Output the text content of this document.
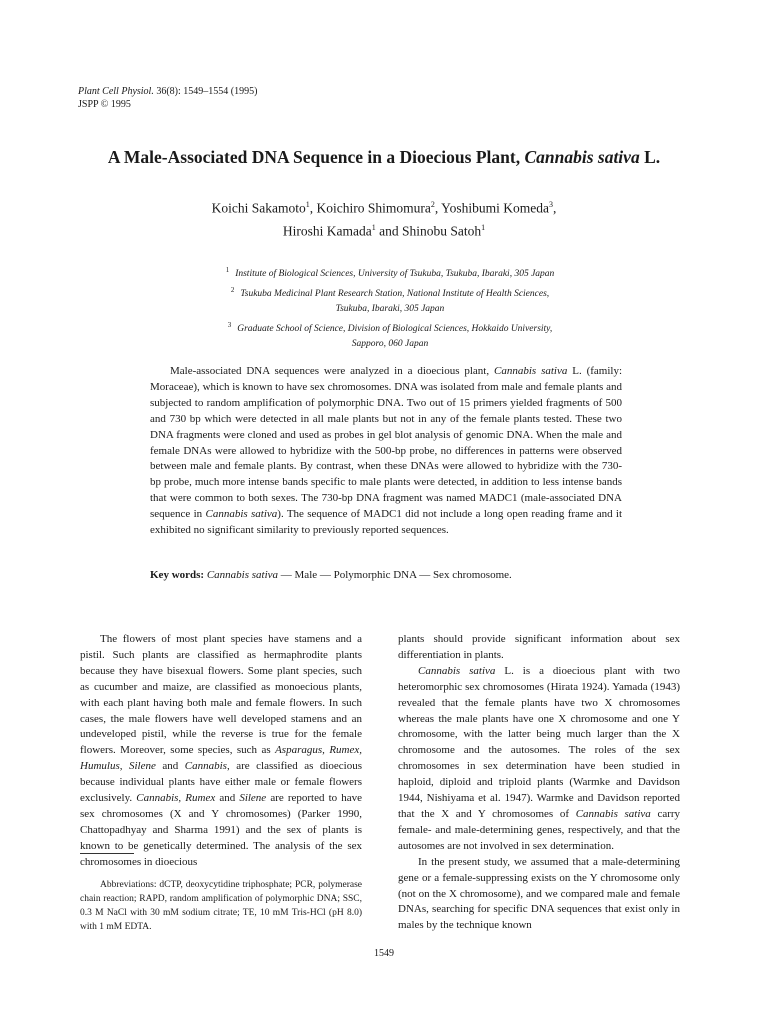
Plant Cell Physiol. 36(8): 1549–1554 (1995)
JSPP © 1995
A Male-Associated DNA Sequence in a Dioecious Plant, Cannabis sativa L.
Koichi Sakamoto$^1$, Koichiro Shimomura$^2$, Yoshibumi Komeda$^3$,
Hiroshi Kamada$^1$ and Shinobu Satoh$^1$
$^1$ Institute of Biological Sciences, University of Tsukuba, Tsukuba, Ibaraki, 305 Japan
$^2$ Tsukuba Medicinal Plant Research Station, National Institute of Health Sciences,
Tsukuba, Ibaraki, 305 Japan
$^3$ Graduate School of Science, Division of Biological Sciences, Hokkaido University,
Sapporo, 060 Japan
Male-associated DNA sequences were analyzed in a dioecious plant, Cannabis sativa L. (family: Moraceae), which is known to have sex chromosomes. DNA was isolated from male and female plants and subjected to random amplification of polymorphic DNA. Two out of 15 primers yielded fragments of 500 and 730 bp which were detected in all male plants but not in any of the female plants tested. These two DNA fragments were cloned and used as probes in gel blot analysis of genomic DNA. When the male and female DNAs were allowed to hybridize with the 500-bp probe, no differences in patterns were observed between male and female plants. By contrast, when these DNAs were allowed to hybridize with the 730-bp probe, much more intense bands specific to male plants were detected, in addition to less intense bands that were common to both sexes. The 730-bp DNA fragment was named MADC1 (male-associated DNA sequence in Cannabis sativa). The sequence of MADC1 did not include a long open reading frame and it exhibited no significant similarity to previously reported sequences.
Key words: Cannabis sativa — Male — Polymorphic DNA — Sex chromosome.

The flowers of most plant species have stamens and a pistil. Such plants are classified as hermaphrodite plants because they have bisexual flowers. Some plant species, such as cucumber and maize, are classified as monoecious plants, with each plant having both male and female flowers. In such cases, the male flowers have well developed stamens and an undeveloped pistil, while the reverse is true for the female flowers. Moreover, some species, such as Asparagus, Rumex, Humulus, Silene and Cannabis, are classified as dioecious because individual plants have either male or female flowers exclusively. Cannabis, Rumex and Silene are reported to have sex chromosomes (X and Y chromosomes) (Parker 1990, Chattopadhyay and Sharma 1991) and the sex of plants is known to be genetically determined. The analysis of the sex chromosomes in dioecious

plants should provide significant information about sex differentiation in plants.

Cannabis sativa L. is a dioecious plant with two heteromorphic sex chromosomes (Hirata 1924). Yamada (1943) revealed that the female plants have two X chromosomes whereas the male plants have one X chromosome and one Y chromosome, with the latter being much larger than the X chromosome and the autosomes. The roles of the sex chromosomes in sex determination have been studied in haploid, diploid and triploid plants (Warmke and Davidson 1944, Nishiyama et al. 1947). Warmke and Davidson reported that the X and Y chromosomes of Cannabis sativa carry female- and male-determining genes, respectively, and that the autosomes are not involved in sex determination.

In the present study, we assumed that a male-determining gene or a female-suppressing exists on the Y chromosome only (not on the X chromosome), and we compared male and female DNAs, searching for specific DNA sequences that exist only in males by the technique known

Abbreviations: dCTP, deoxycytidine triphosphate; PCR, polymerase chain reaction; RAPD, random amplification of polymorphic DNA; SSC, 0.3 M NaCl with 30 mM sodium citrate; TE, 10 mM Tris-HCl (pH 8.0) with 1 mM EDTA.
1549
